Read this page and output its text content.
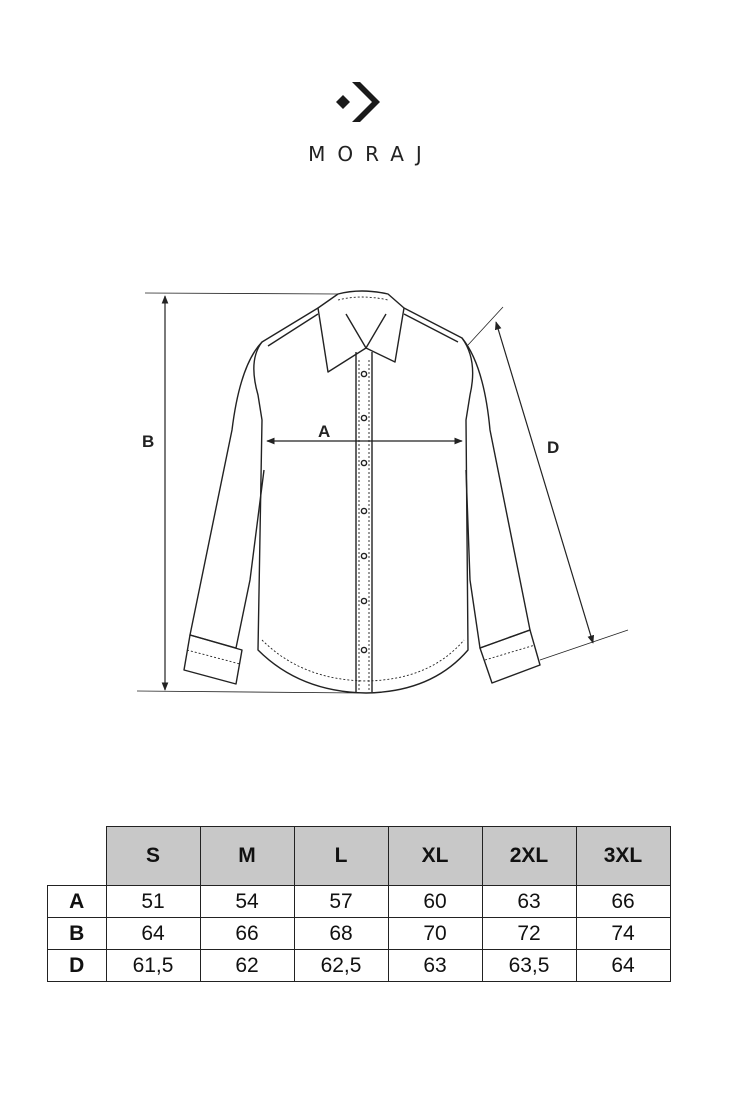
MORAJ
B
A
D
	S	M	L	XL	2XL	3XL
A	51	54	57	60	63	66
B	64	66	68	70	72	74
D	61,5	62	62,5	63	63,5	64
